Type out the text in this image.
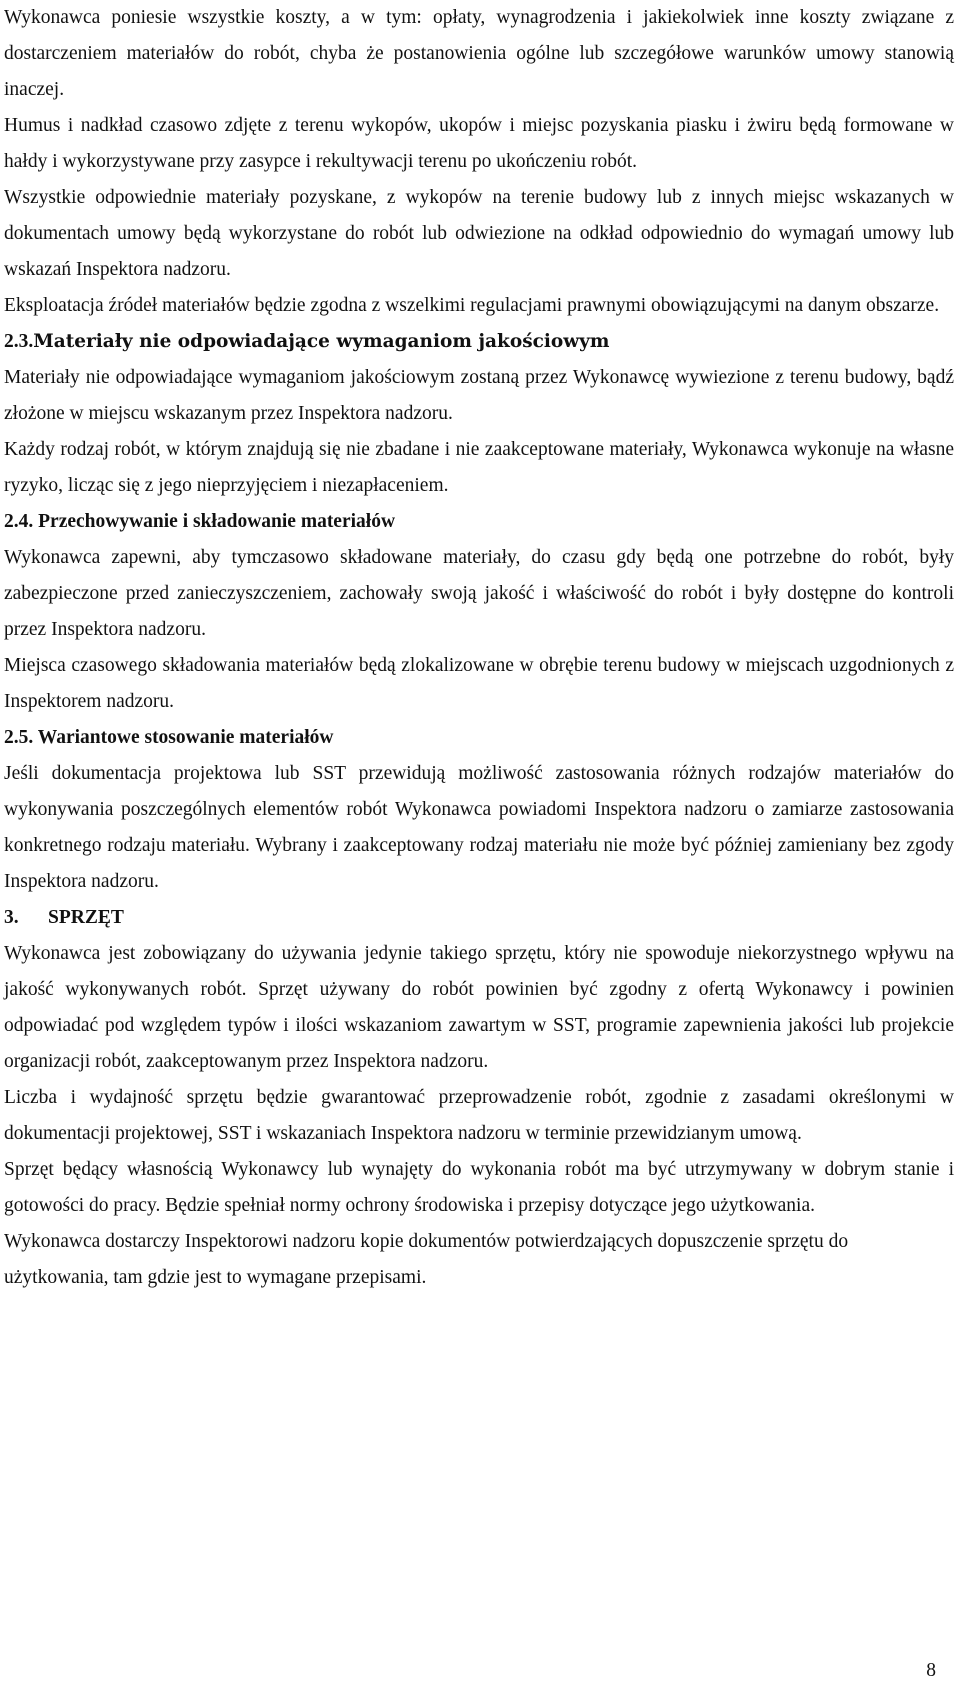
Wykonawca poniesie wszystkie koszty, a w tym: opłaty, wynagrodzenia i jakiekolwiek inne koszty związane z dostarczeniem materiałów do robót, chyba że postanowienia ogólne lub szczegółowe warunków umowy stanowią inaczej.

Humus i nadkład czasowo zdjęte z terenu wykopów, ukopów i miejsc pozyskania piasku i żwiru będą formowane w hałdy i wykorzystywane przy zasypce i rekultywacji terenu po ukończeniu robót.

Wszystkie odpowiednie materiały pozyskane, z wykopów na terenie budowy lub z innych miejsc wskazanych w dokumentach umowy będą wykorzystane do robót lub odwiezione na odkład odpowiednio do wymagań umowy lub wskazań Inspektora nadzoru.

Eksploatacja źródeł materiałów będzie zgodna z wszelkimi regulacjami prawnymi obowiązującymi na danym obszarze.

2.3.Materiały nie odpowiadające wymaganiom jakościowym

Materiały nie odpowiadające wymaganiom jakościowym zostaną przez Wykonawcę wywiezione z terenu budowy, bądź złożone w miejscu wskazanym przez Inspektora nadzoru.

Każdy rodzaj robót, w którym znajdują się nie zbadane i nie zaakceptowane materiały, Wykonawca wykonuje na własne ryzyko, licząc się z jego nieprzyjęciem i niezapłaceniem.

2.4. Przechowywanie i składowanie materiałów

Wykonawca zapewni, aby tymczasowo składowane materiały, do czasu gdy będą one potrzebne do robót, były zabezpieczone przed zanieczyszczeniem, zachowały swoją jakość i właściwość do robót i były dostępne do kontroli przez Inspektora nadzoru.

Miejsca czasowego składowania materiałów będą zlokalizowane w obrębie terenu budowy w miejscach uzgodnionych z Inspektorem nadzoru.

2.5. Wariantowe stosowanie materiałów

Jeśli dokumentacja projektowa lub SST przewidują możliwość zastosowania różnych rodzajów materiałów do wykonywania poszczególnych elementów robót Wykonawca powiadomi Inspektora nadzoru o zamiarze zastosowania konkretnego rodzaju materiału. Wybrany i zaakceptowany rodzaj materiału nie może być później zamieniany bez zgody Inspektora nadzoru.

3. SPRZĘT

Wykonawca jest zobowiązany do używania jedynie takiego sprzętu, który nie spowoduje niekorzystnego wpływu na jakość wykonywanych robót. Sprzęt używany do robót powinien być zgodny z ofertą Wykonawcy i powinien odpowiadać pod względem typów i ilości wskazaniom zawartym w SST, programie zapewnienia jakości lub projekcie organizacji robót, zaakceptowanym przez Inspektora nadzoru.

Liczba i wydajność sprzętu będzie gwarantować przeprowadzenie robót, zgodnie z zasadami określonymi w dokumentacji projektowej, SST i wskazaniach Inspektora nadzoru w terminie przewidzianym umową.

Sprzęt będący własnością Wykonawcy lub wynajęty do wykonania robót ma być utrzymywany w dobrym stanie i gotowości do pracy. Będzie spełniał normy ochrony środowiska i przepisy dotyczące jego użytkowania.

Wykonawca dostarczy Inspektorowi nadzoru kopie dokumentów potwierdzających dopuszczenie sprzętu do użytkowania, tam gdzie jest to wymagane przepisami.

8
